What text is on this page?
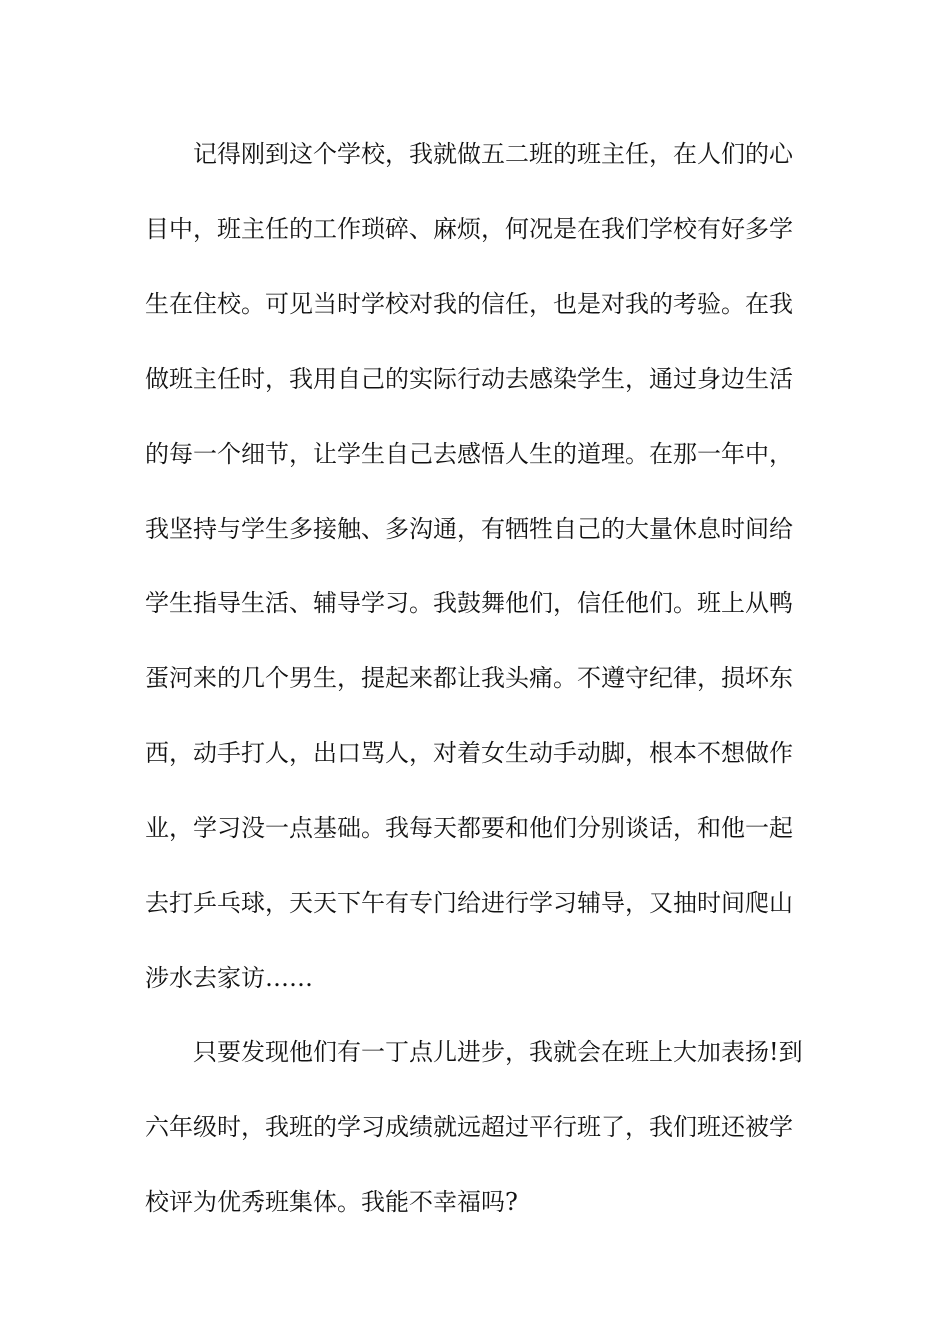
记得刚到这个学校，我就做五二班的班主任，在人们的心
目中，班主任的工作琐碎、麻烦，何况是在我们学校有好多学
生在住校。可见当时学校对我的信任，也是对我的考验。在我
做班主任时，我用自己的实际行动去感染学生，通过身边生活
的每一个细节，让学生自己去感悟人生的道理。在那一年中，
我坚持与学生多接触、多沟通，有牺牲自己的大量休息时间给
学生指导生活、辅导学习。我鼓舞他们，信任他们。班上从鸭
蛋河来的几个男生，提起来都让我头痛。不遵守纪律，损坏东
西，动手打人，出口骂人，对着女生动手动脚，根本不想做作
业，学习没一点基础。我每天都要和他们分别谈话，和他一起
去打乒乓球，天天下午有专门给进行学习辅导，又抽时间爬山
涉水去家访……
只要发现他们有一丁点儿进步，我就会在班上大加表扬!到
六年级时，我班的学习成绩就远超过平行班了，我们班还被学
校评为优秀班集体。我能不幸福吗?
